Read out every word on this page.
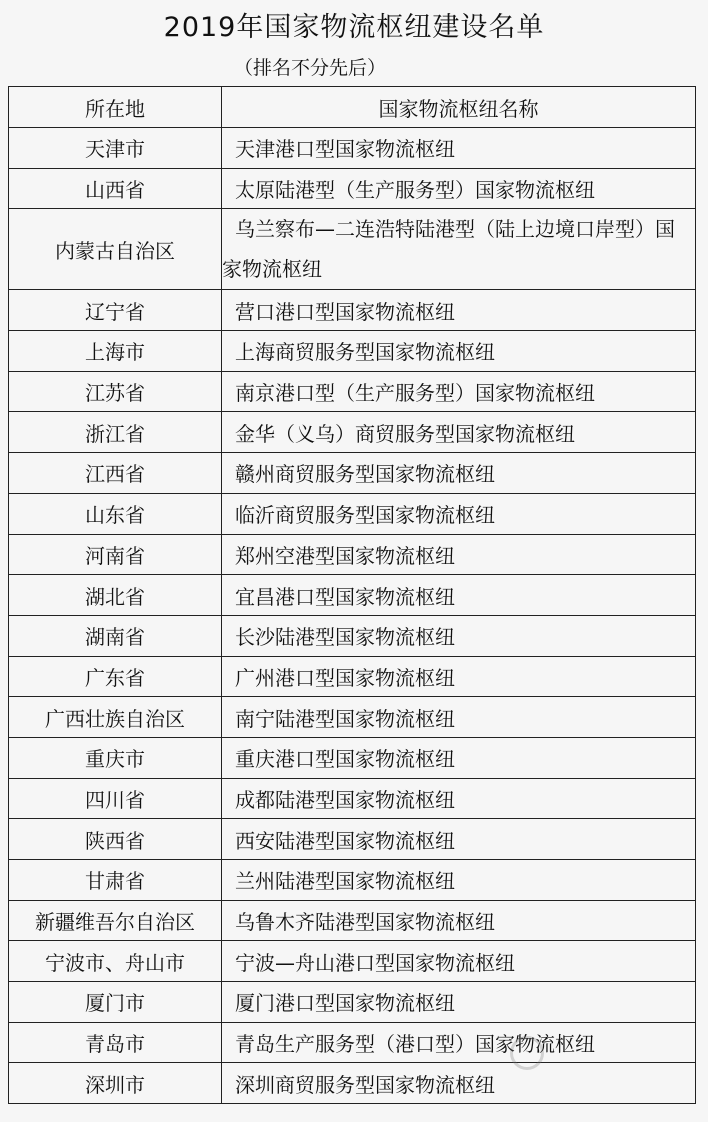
2019年国家物流枢纽建设名单
（排名不分先后）
所在地	国家物流枢纽名称
天津市	天津港口型国家物流枢纽
山西省	太原陆港型（生产服务型）国家物流枢纽
内蒙古自治区	乌兰察布—二连浩特陆港型（陆上边境口岸型）国家物流枢纽
辽宁省	营口港口型国家物流枢纽
上海市	上海商贸服务型国家物流枢纽
江苏省	南京港口型（生产服务型）国家物流枢纽
浙江省	金华（义乌）商贸服务型国家物流枢纽
江西省	赣州商贸服务型国家物流枢纽
山东省	临沂商贸服务型国家物流枢纽
河南省	郑州空港型国家物流枢纽
湖北省	宜昌港口型国家物流枢纽
湖南省	长沙陆港型国家物流枢纽
广东省	广州港口型国家物流枢纽
广西壮族自治区	南宁陆港型国家物流枢纽
重庆市	重庆港口型国家物流枢纽
四川省	成都陆港型国家物流枢纽
陕西省	西安陆港型国家物流枢纽
甘肃省	兰州陆港型国家物流枢纽
新疆维吾尔自治区	乌鲁木齐陆港型国家物流枢纽
宁波市、舟山市	宁波—舟山港口型国家物流枢纽
厦门市	厦门港口型国家物流枢纽
青岛市	青岛生产服务型（港口型）国家物流枢纽
深圳市	深圳商贸服务型国家物流枢纽
